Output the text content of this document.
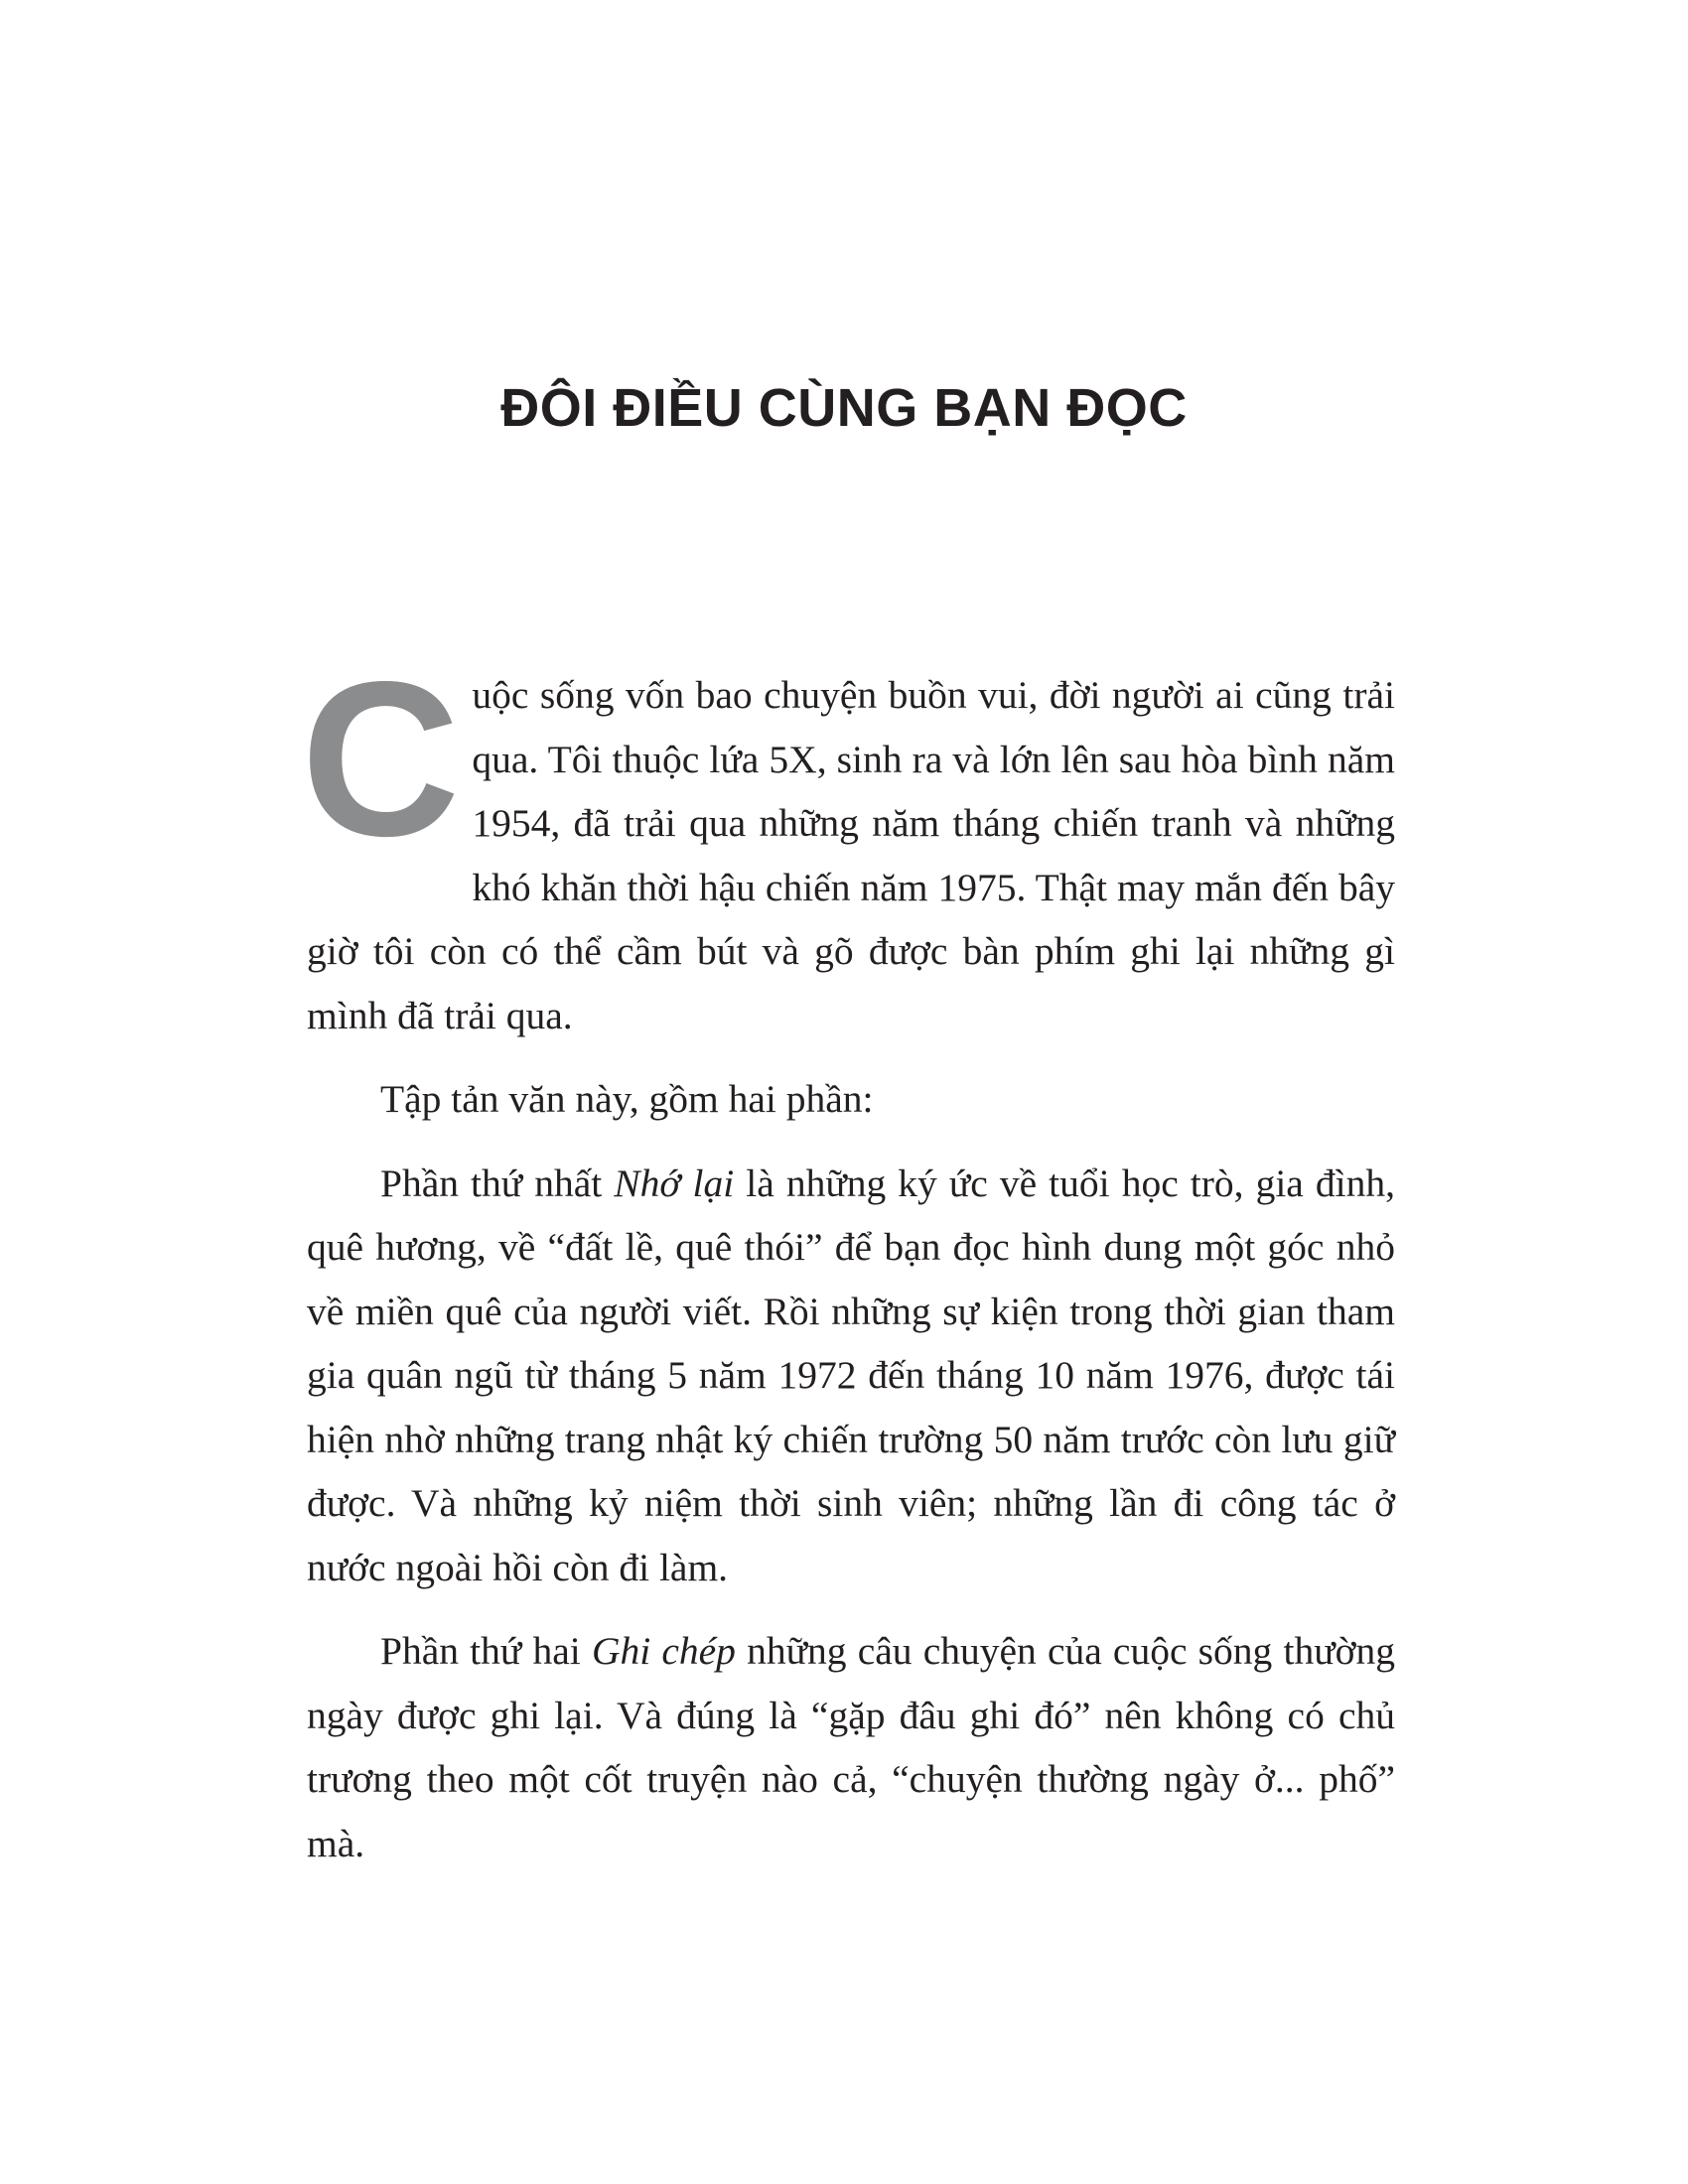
ĐÔI ĐIỀU CÙNG BẠN ĐỌC

Cuộc sống vốn bao chuyện buồn vui, đời người ai cũng trải qua. Tôi thuộc lứa 5X, sinh ra và lớn lên sau hòa bình năm 1954, đã trải qua những năm tháng chiến tranh và những khó khăn thời hậu chiến năm 1975. Thật may mắn đến bây giờ tôi còn có thể cầm bút và gõ được bàn phím ghi lại những gì mình đã trải qua.

Tập tản văn này, gồm hai phần:

Phần thứ nhất Nhớ lại là những ký ức về tuổi học trò, gia đình, quê hương, về “đất lề, quê thói” để bạn đọc hình dung một góc nhỏ về miền quê của người viết. Rồi những sự kiện trong thời gian tham gia quân ngũ từ tháng 5 năm 1972 đến tháng 10 năm 1976, được tái hiện nhờ những trang nhật ký chiến trường 50 năm trước còn lưu giữ được. Và những kỷ niệm thời sinh viên; những lần đi công tác ở nước ngoài hồi còn đi làm.

Phần thứ hai Ghi chép những câu chuyện của cuộc sống thường ngày được ghi lại. Và đúng là “gặp đâu ghi đó” nên không có chủ trương theo một cốt truyện nào cả, “chuyện thường ngày ở... phố” mà.
